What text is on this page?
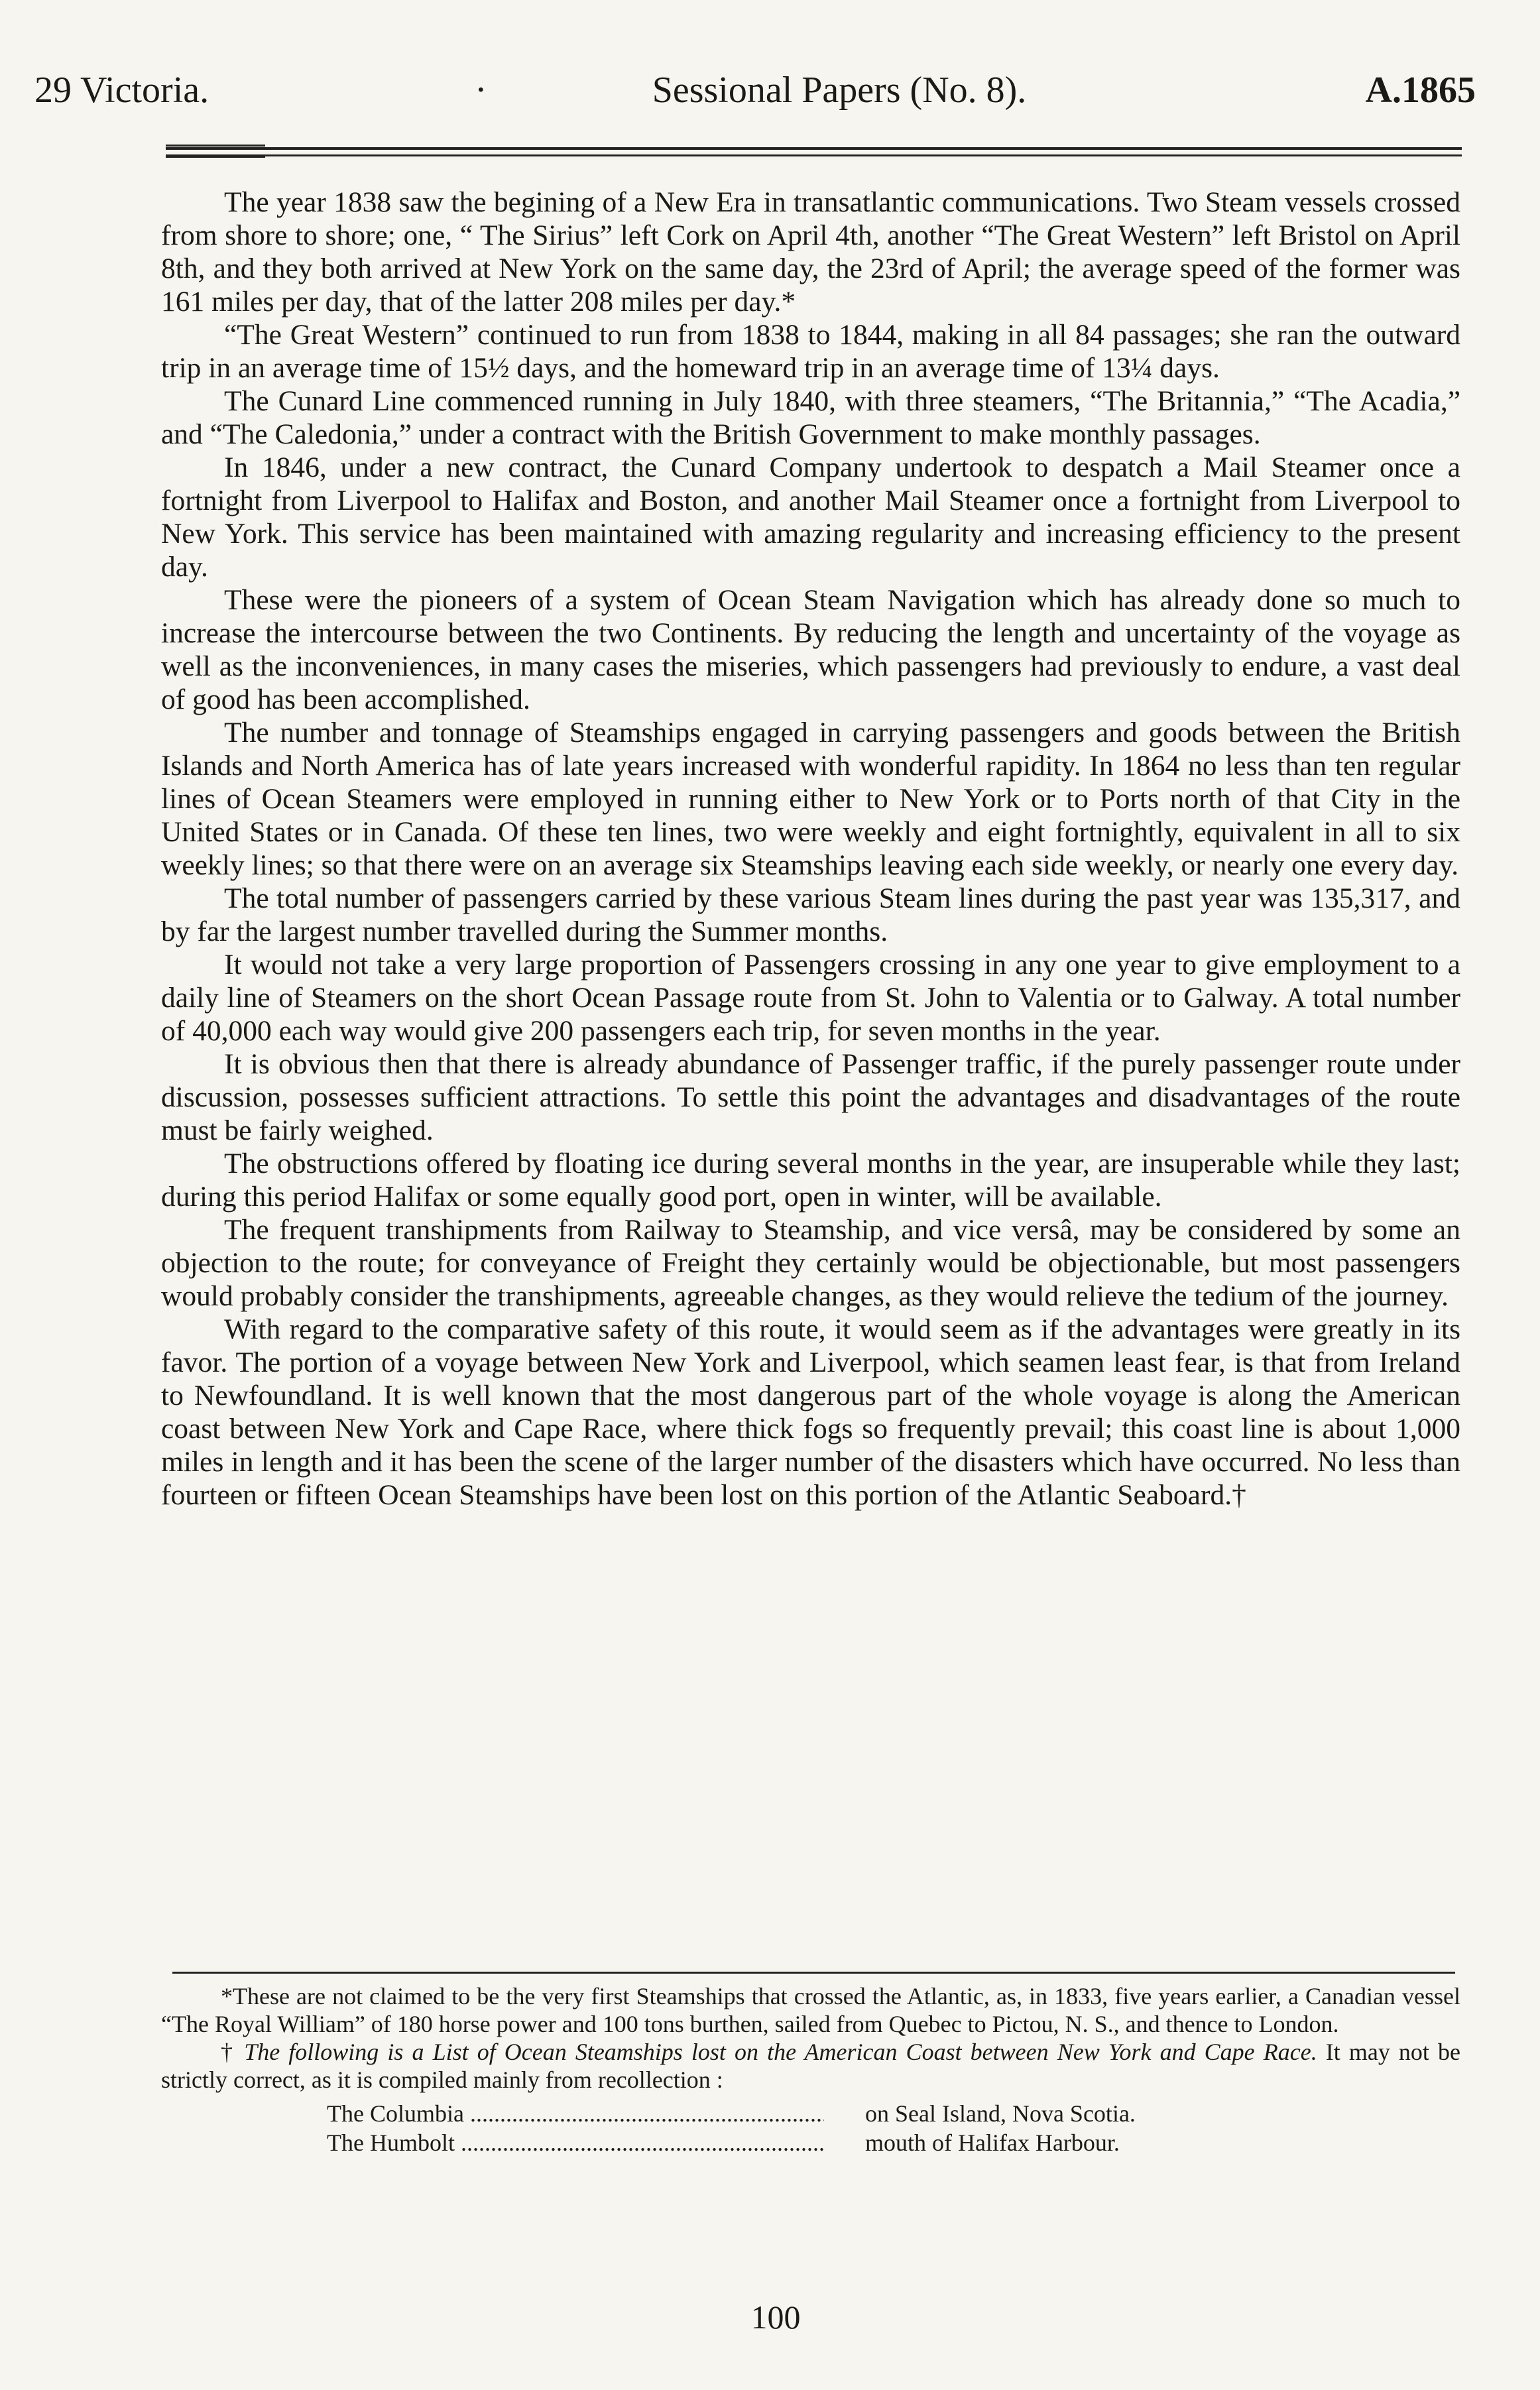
29 Victoria.	·	Sessional Papers (No. 8).	A.1865

The year 1838 saw the begining of a New Era in transatlantic communications. Two Steam vessels crossed from shore to shore; one, “ The Sirius” left Cork on April 4th, another “The Great Western” left Bristol on April 8th, and they both arrived at New York on the same day, the 23rd of April; the average speed of the former was 161 miles per day, that of the latter 208 miles per day.*

“The Great Western” continued to run from 1838 to 1844, making in all 84 passages; she ran the outward trip in an average time of 15½ days, and the homeward trip in an average time of 13¼ days.

The Cunard Line commenced running in July 1840, with three steamers, “The Britannia,” “The Acadia,” and “The Caledonia,” under a contract with the British Government to make monthly passages.

In 1846, under a new contract, the Cunard Company undertook to despatch a Mail Steamer once a fortnight from Liverpool to Halifax and Boston, and another Mail Steamer once a fortnight from Liverpool to New York. This service has been maintained with amazing regularity and increasing efficiency to the present day.

These were the pioneers of a system of Ocean Steam Navigation which has already done so much to increase the intercourse between the two Continents. By reducing the length and uncertainty of the voyage as well as the inconveniences, in many cases the miseries, which passengers had previously to endure, a vast deal of good has been accomplished.

The number and tonnage of Steamships engaged in carrying passengers and goods between the British Islands and North America has of late years increased with wonderful rapidity. In 1864 no less than ten regular lines of Ocean Steamers were employed in running either to New York or to Ports north of that City in the United States or in Canada. Of these ten lines, two were weekly and eight fortnightly, equivalent in all to six weekly lines; so that there were on an average six Steamships leaving each side weekly, or nearly one every day.

The total number of passengers carried by these various Steam lines during the past year was 135,317, and by far the largest number travelled during the Summer months.

It would not take a very large proportion of Passengers crossing in any one year to give employment to a daily line of Steamers on the short Ocean Passage route from St. John to Valentia or to Galway. A total number of 40,000 each way would give 200 passengers each trip, for seven months in the year.

It is obvious then that there is already abundance of Passenger traffic, if the purely passenger route under discussion, possesses sufficient attractions. To settle this point the advantages and disadvantages of the route must be fairly weighed.

The obstructions offered by floating ice during several months in the year, are insuperable while they last; during this period Halifax or some equally good port, open in winter, will be available.

The frequent transhipments from Railway to Steamship, and vice versâ, may be considered by some an objection to the route; for conveyance of Freight they certainly would be objectionable, but most passengers would probably consider the transhipments, agreeable changes, as they would relieve the tedium of the journey.

With regard to the comparative safety of this route, it would seem as if the advantages were greatly in its favor. The portion of a voyage between New York and Liverpool, which seamen least fear, is that from Ireland to Newfoundland. It is well known that the most dangerous part of the whole voyage is along the American coast between New York and Cape Race, where thick fogs so frequently prevail; this coast line is about 1,000 miles in length and it has been the scene of the larger number of the disasters which have occurred. No less than fourteen or fifteen Ocean Steamships have been lost on this portion of the Atlantic Seaboard.†

*These are not claimed to be the very first Steamships that crossed the Atlantic, as, in 1833, five years earlier, a Canadian vessel “The Royal William” of 180 horse power and 100 tons burthen, sailed from Quebec to Pictou, N. S., and thence to London.

† The following is a List of Ocean Steamships lost on the American Coast between New York and Cape Race. It may not be strictly correct, as it is compiled mainly from recollection :

The Columbia .....	on Seal Island, Nova Scotia.
The Humbolt .....	mouth of Halifax Harbour.
100
